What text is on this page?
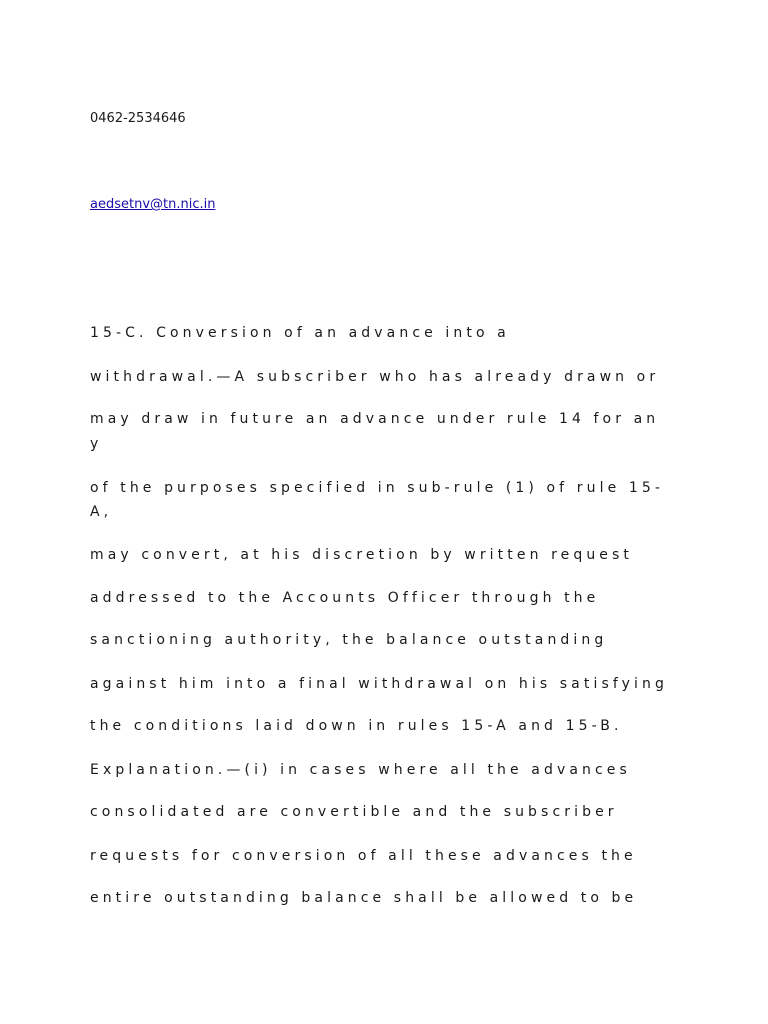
0462-2534646
aedsetnv@tn.nic.in
15-C. Conversion of an advance into a
withdrawal.—A subscriber who has already drawn or
may draw in future an advance under rule 14 for an
y
of the purposes specified in sub-rule (1) of rule 15-
A,
may convert, at his discretion by written request
addressed to the Accounts Officer through the
sanctioning authority, the balance outstanding
against him into a final withdrawal on his satisfying
the conditions laid down in rules 15-A and 15-B.
Explanation.—(i) in cases where all the advances
consolidated are convertible and the subscriber
requests for conversion of all these advances the
entire outstanding balance shall be allowed to be
